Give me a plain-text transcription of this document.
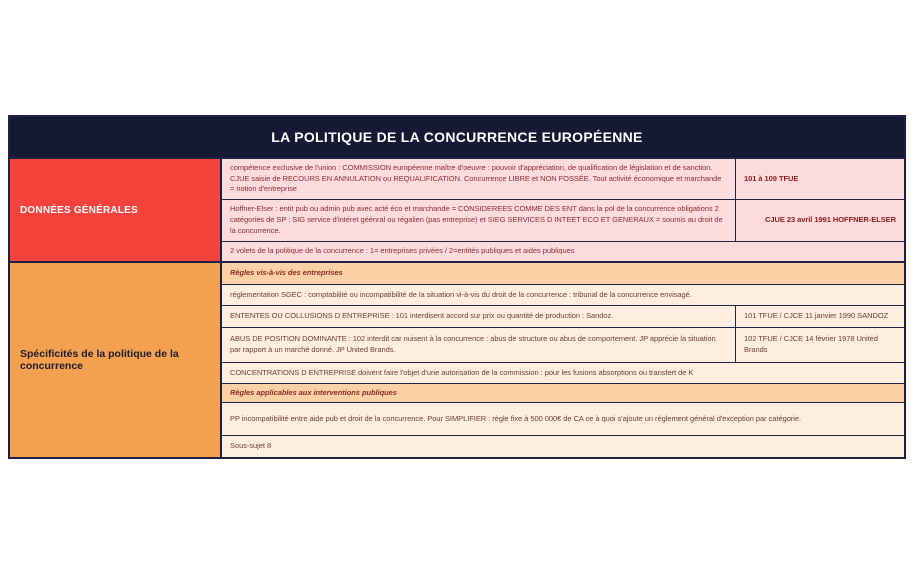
LA POLITIQUE DE LA CONCURRENCE EUROPÉENNE
DONNÉES GÉNÉRALES
compétence exclusive de l'union : COMMISSION européenne maître d'oeuvre : pouvoir d'appréciation, de qualification de législation et de sanction. CJUE saisie de RECOURS EN ANNULATION ou REQUALIFICATION. Concurrence LIBRE et NON FOSSÉE. Tout activité économique et marchande = notion d'entreprise
101 à 109 TFUE
Hoffner-Elser : entit pub ou admin pub avec acté éco et marchande = CONSIDEREES COMME DES ENT dans la pol de la concurrence obligations 2 catégories de SP : SIG service d'intéret géénral ou régalien (pas entreprise) et SIEG SERVICES D INTEET ECO ET GENERAUX = soumis au droit de la concurrence.
CJUE 23 avril 1991 HOFFNER-ELSER
2 volets de la politique de la concurrence : 1= entreprises privées / 2=entités publiques et aides publiques
Spécificités de la politique de la concurrence
Règles vis-à-vis des entreprises
réglementation SGEC : comptabilité ou incompatibilité de la situation vi-à-vis du droit de la concurrence : tribunal de la concurrence envisagé.
ENTENTES OU COLLUSIONS D ENTREPRISE : 101 interdisent accord sur prix ou quantité de production : Sandoz.	101 TFUE / CJCE 11 janvier 1990 SANDOZ
ABUS DE POSITION DOMINANTE : 102 interdit car nuisent à la concurrence : abus de structure ou abus de comportement. JP apprécie la situation par rapport à un marché donné. JP United Brands.
102 TFUE / CJCE 14 février 1978 United Brands
CONCENTRATIONS D ENTREPRISE doivent faire l'objet d'une autorisation de la commission : pour les fusions absorptions ou transfert de K
Règles applicables aux interventions publiques
PP incompatibilité entre aide pub et droit de la concurrence. Pour SIMPLIFIER : règle fixe à 500 000€ de CA ce à quoi s'ajoute un règlement général d'exception par catégorie.
Sous-sujet 8
